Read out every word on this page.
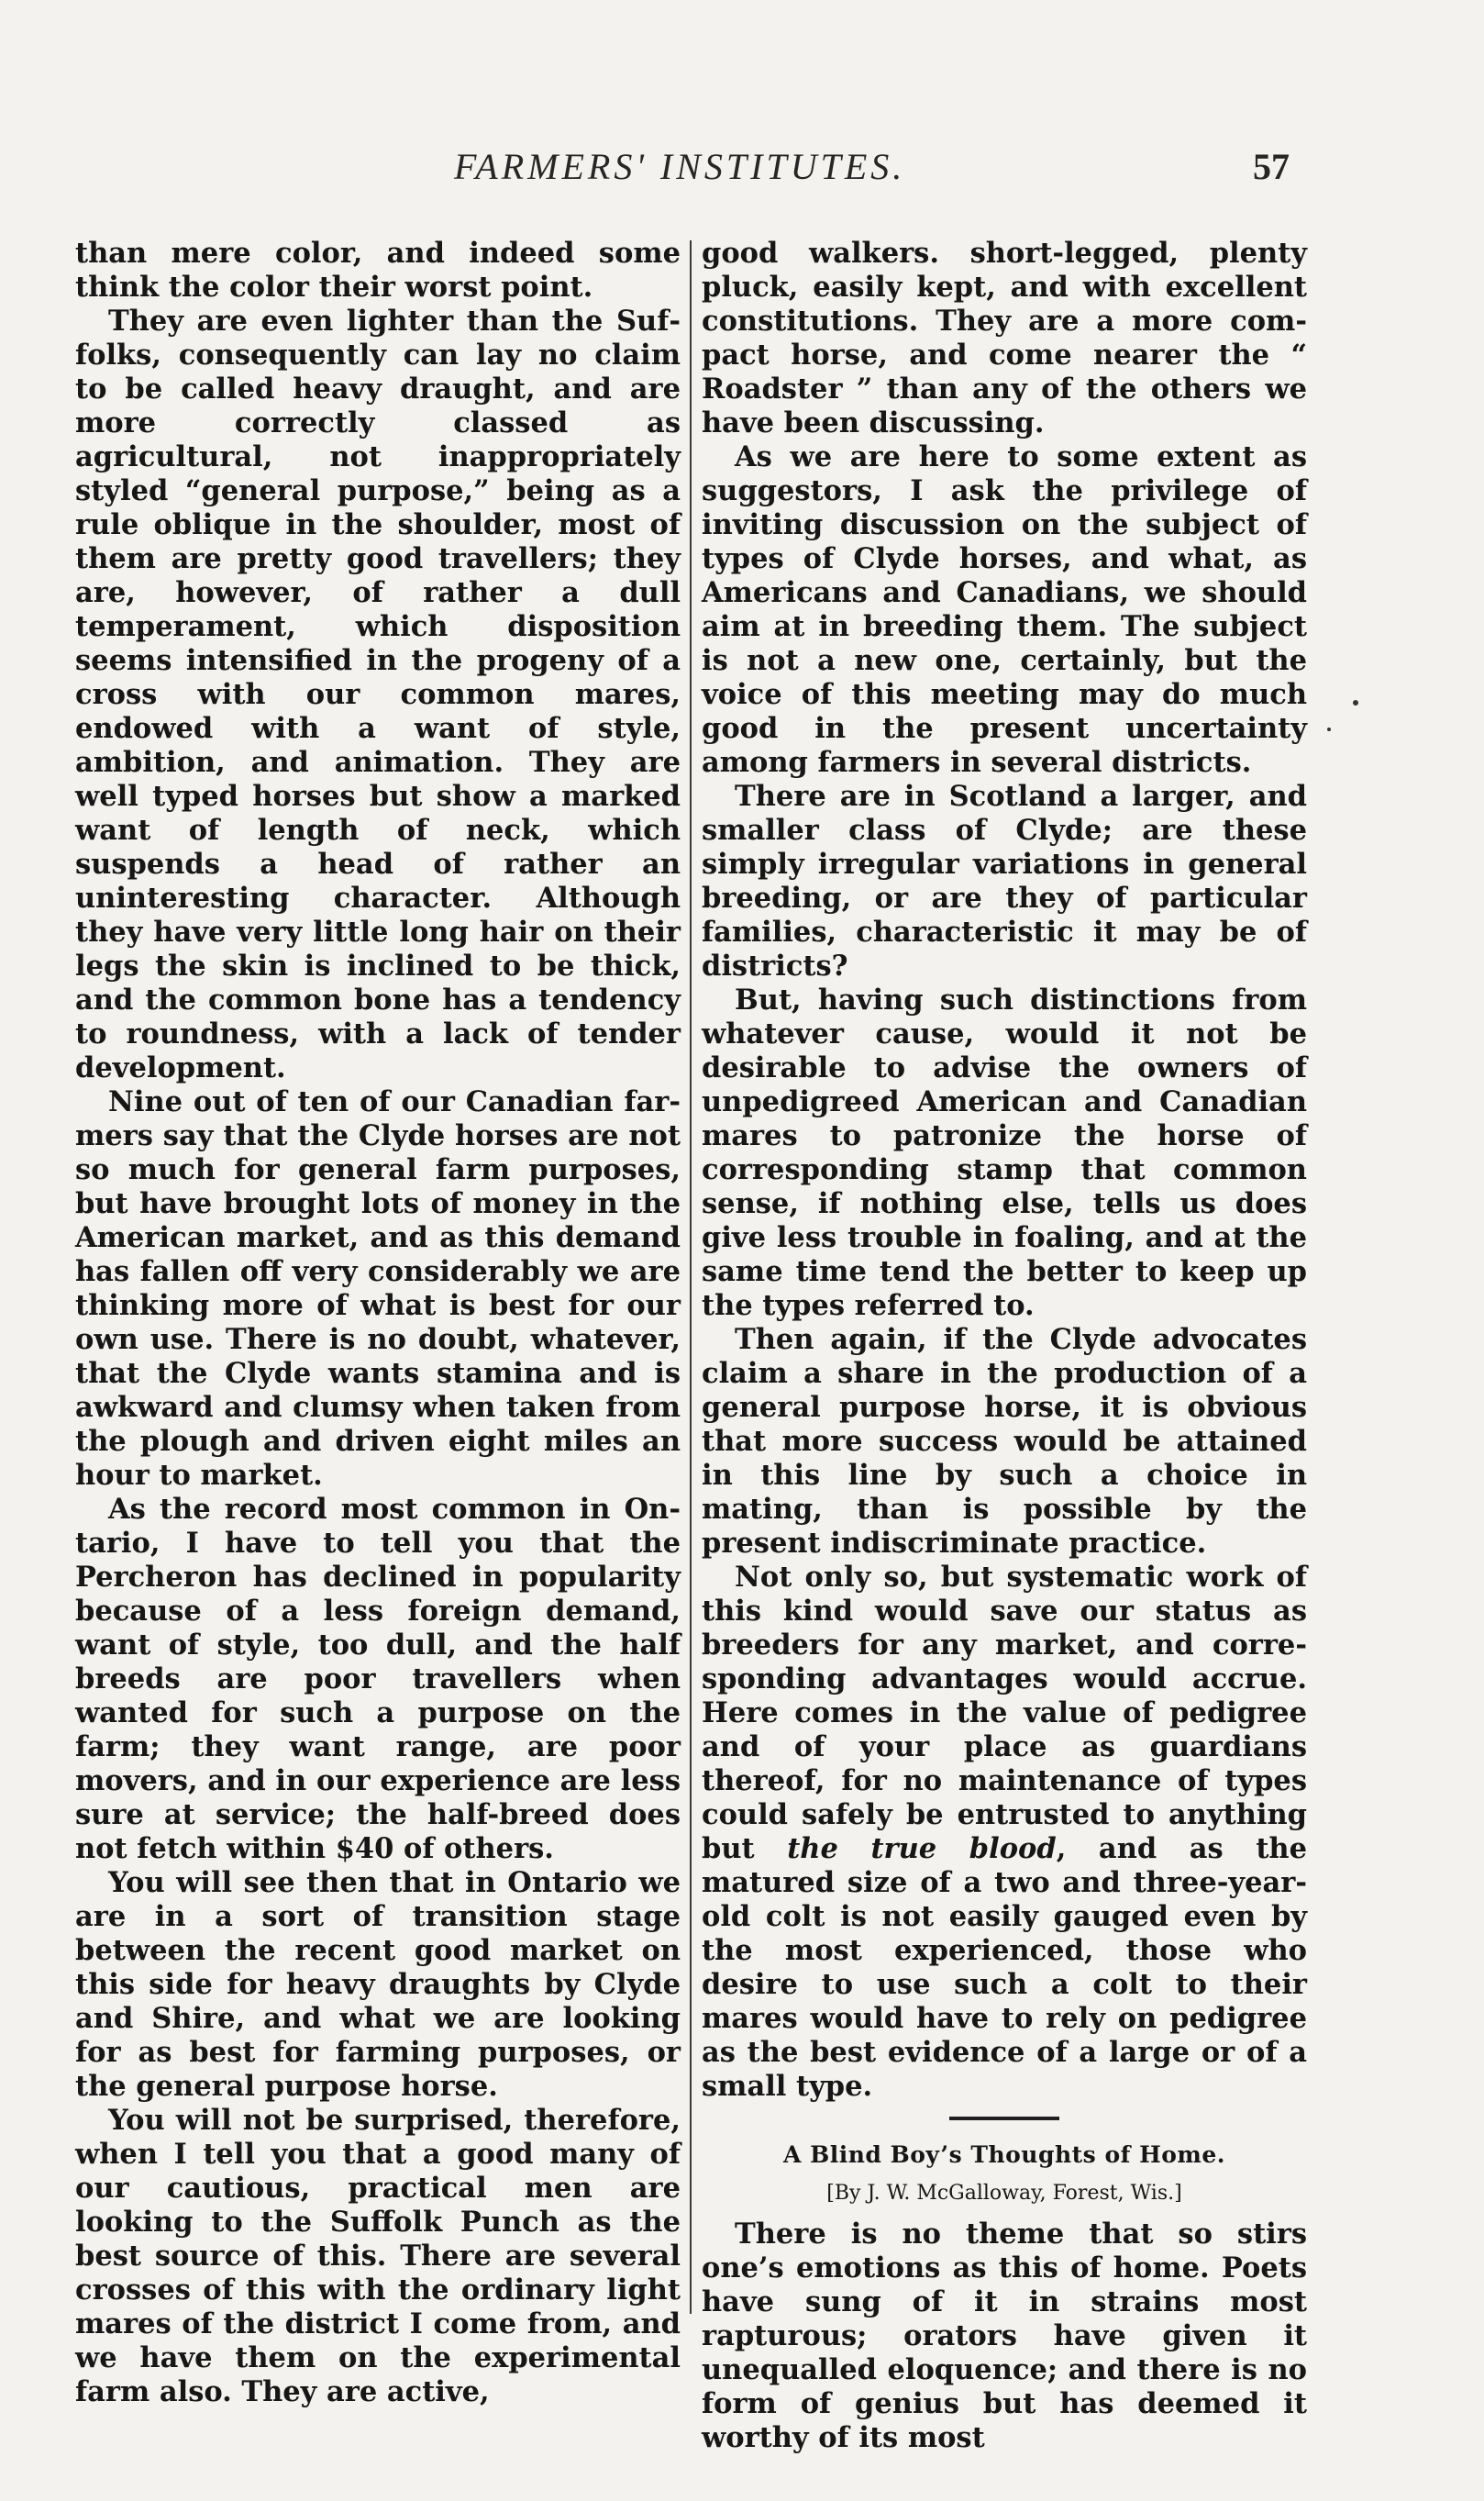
FARMERS' INSTITUTES.	57

than mere color, and indeed some think the color their worst point.

They are even lighter than the Suffolks, consequently can lay no claim to be called heavy draught, and are more correctly classed as agricultural, not inappropriately styled “general purpose,” being as a rule oblique in the shoulder, most of them are pretty good travellers; they are, however, of rather a dull temperament, which disposition seems intensified in the progeny of a cross with our common mares, endowed with a want of style, ambition, and animation. They are well typed horses but show a marked want of length of neck, which suspends a head of rather an uninteresting character. Although they have very little long hair on their legs the skin is inclined to be thick, and the common bone has a tendency to roundness, with a lack of tender development.

Nine out of ten of our Canadian farmers say that the Clyde horses are not so much for general farm purposes, but have brought lots of money in the American market, and as this demand has fallen off very considerably we are thinking more of what is best for our own use. There is no doubt, whatever, that the Clyde wants stamina and is awkward and clumsy when taken from the plough and driven eight miles an hour to market.

As the record most common in Ontario, I have to tell you that the Percheron has declined in popularity because of a less foreign demand, want of style, too dull, and the half breeds are poor travellers when wanted for such a purpose on the farm; they want range, are poor movers, and in our experience are less sure at service; the half-breed does not fetch within $40 of others.

You will see then that in Ontario we are in a sort of transition stage between the recent good market on this side for heavy draughts by Clyde and Shire, and what we are looking for as best for farming purposes, or the general purpose horse.

You will not be surprised, therefore, when I tell you that a good many of our cautious, practical men are looking to the Suffolk Punch as the best source of this. There are several crosses of this with the ordinary light mares of the district I come from, and we have them on the experimental farm also. They are active,

good walkers. short-legged, plenty pluck, easily kept, and with excellent constitutions. They are a more compact horse, and come nearer the “ Roadster ” than any of the others we have been discussing.

As we are here to some extent as suggestors, I ask the privilege of inviting discussion on the subject of types of Clyde horses, and what, as Americans and Canadians, we should aim at in breeding them. The subject is not a new one, certainly, but the voice of this meeting may do much good in the present uncertainty among farmers in several districts.

There are in Scotland a larger, and smaller class of Clyde; are these simply irregular variations in general breeding, or are they of particular families, characteristic it may be of districts?

But, having such distinctions from whatever cause, would it not be desirable to advise the owners of unpedigreed American and Canadian mares to patronize the horse of corresponding stamp that common sense, if nothing else, tells us does give less trouble in foaling, and at the same time tend the better to keep up the types referred to.

Then again, if the Clyde advocates claim a share in the production of a general purpose horse, it is obvious that more success would be attained in this line by such a choice in mating, than is possible by the present indiscriminate practice.

Not only so, but systematic work of this kind would save our status as breeders for any market, and corresponding advantages would accrue. Here comes in the value of pedigree and of your place as guardians thereof, for no maintenance of types could safely be entrusted to anything but the true blood, and as the matured size of a two and three-year-old colt is not easily gauged even by the most experienced, those who desire to use such a colt to their mares would have to rely on pedigree as the best evidence of a large or of a small type.

A Blind Boy’s Thoughts of Home.
[By J. W. McGalloway, Forest, Wis.]

There is no theme that so stirs one’s emotions as this of home. Poets have sung of it in strains most rapturous; orators have given it unequalled eloquence; and there is no form of genius but has deemed it worthy of its most
